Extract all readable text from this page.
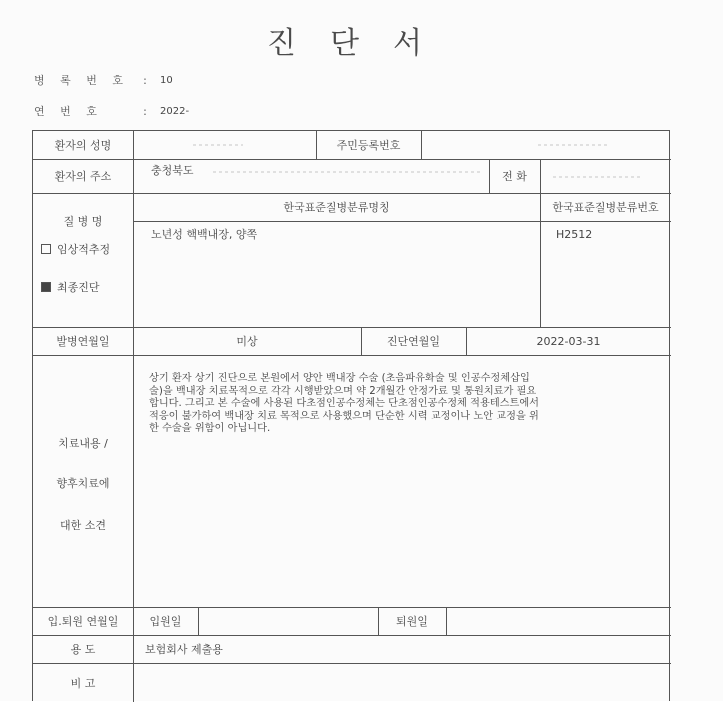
진단서
병 록 번 호	:	10
연 번 호	:	2022-
환자의 성명	주민등록번호
환자의 주소	충청북도	전 화
질 병 명
임상적추정
최종진단
한국표준질병분류명칭	한국표준질병분류번호
노년성 핵백내장, 양쪽	H2512
발병연월일	미상	진단연월일	2022-03-31
치료내용 /
향후치료에
대한 소견
상기 환자 상기 진단으로 본원에서 양안 백내장 수술 (초음파유화술 및 인공수정체삽입
술)을 백내장 치료목적으로 각각 시행받았으며 약 2개월간 안정가료 및 통원치료가 필요
합니다. 그리고 본 수술에 사용된 다초점인공수정체는 단초점인공수정체 적용테스트에서
적응이 불가하여 백내장 치료 목적으로 사용했으며 단순한 시력 교정이나 노안 교정을 위
한 수술을 위함이 아닙니다.
입.퇴원 연월일	입원일	퇴원일
용 도	보험회사 제출용
비 고
